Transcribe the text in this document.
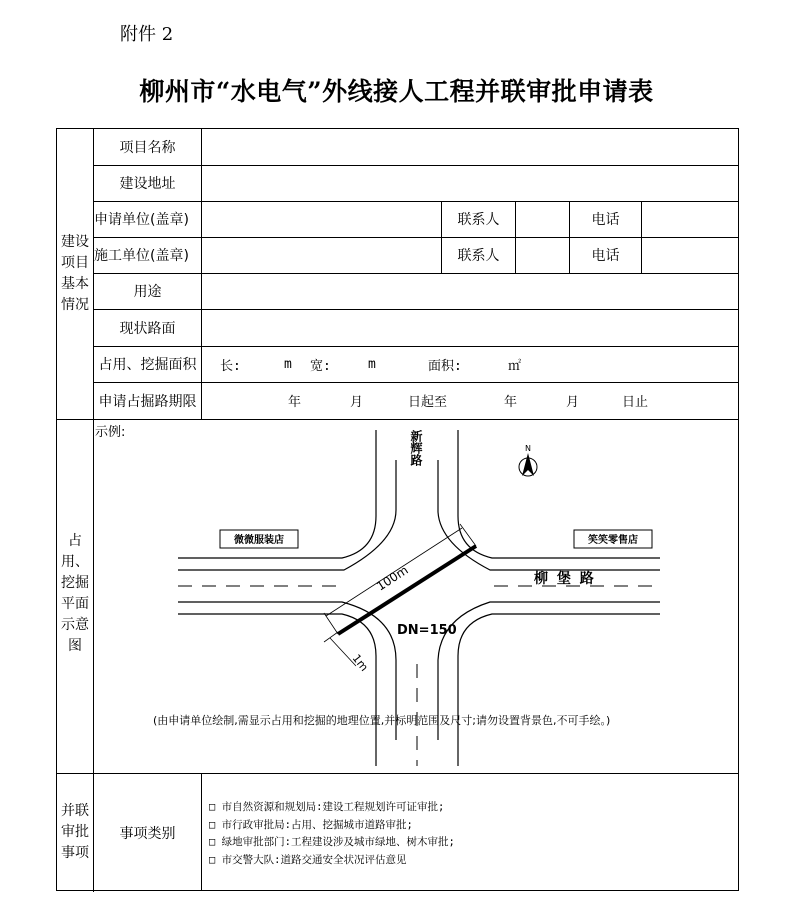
附件 2
柳州市“水电气”外线接人工程并联审批申请表
建设
项目
基本
情况
项目名称
建设地址
申请单位(盖章)	联系人	电话
施工单位(盖章)	联系人	电话
用途
现状路面
占用、挖掘面积	长:	m 宽:	m	面积:	㎡
申请占掘路期限	年	月	日起至	年	月	日止
占
用、
挖掘
平面
示意
图
示例:
微微服装店	笑笑零售店
新辉路	N
柳 堡 路
100m
DN=150
1m
(由申请单位绘制,需显示占用和挖掘的地理位置,并标明范围及尺寸;请勿设置背景色,不可手绘。)
并联
审批
事项
事项类别
□ 市自然资源和规划局:建设工程规划许可证审批;
□ 市行政审批局:占用、挖掘城市道路审批;
□ 绿地审批部门:工程建设涉及城市绿地、树木审批;
□ 市交警大队:道路交通安全状况评估意见
